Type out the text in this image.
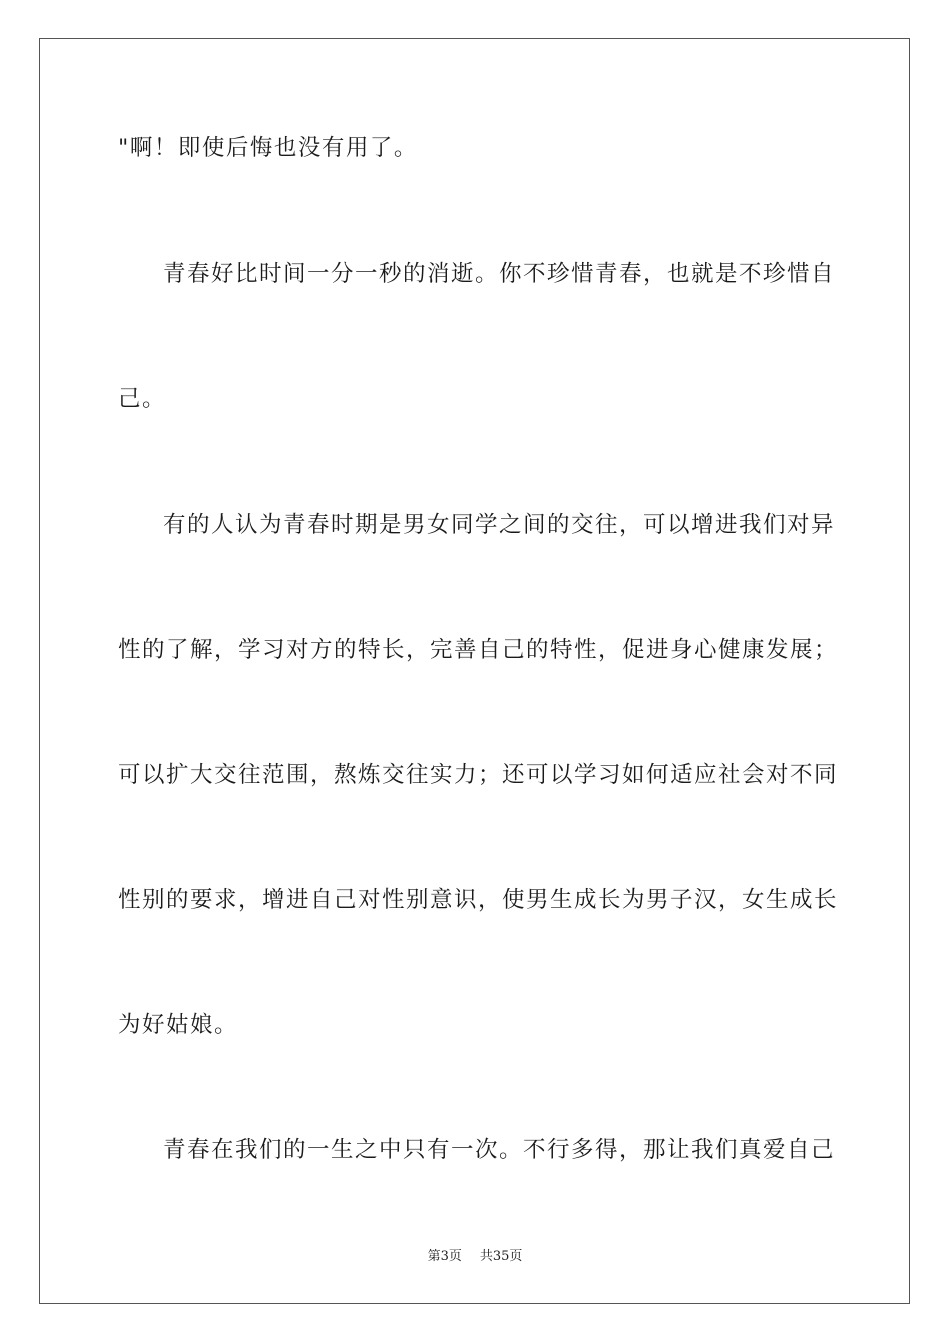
"啊！即使后悔也没有用了。
青春好比时间一分一秒的消逝。你不珍惜青春，也就是不珍惜自
己。
有的人认为青春时期是男女同学之间的交往，可以增进我们对异
性的了解，学习对方的特长，完善自己的特性，促进身心健康发展；
可以扩大交往范围，熬炼交往实力；还可以学习如何适应社会对不同
性别的要求，增进自己对性别意识，使男生成长为男子汉，女生成长
为好姑娘。
青春在我们的一生之中只有一次。不行多得，那让我们真爱自己
第3页 共35页
